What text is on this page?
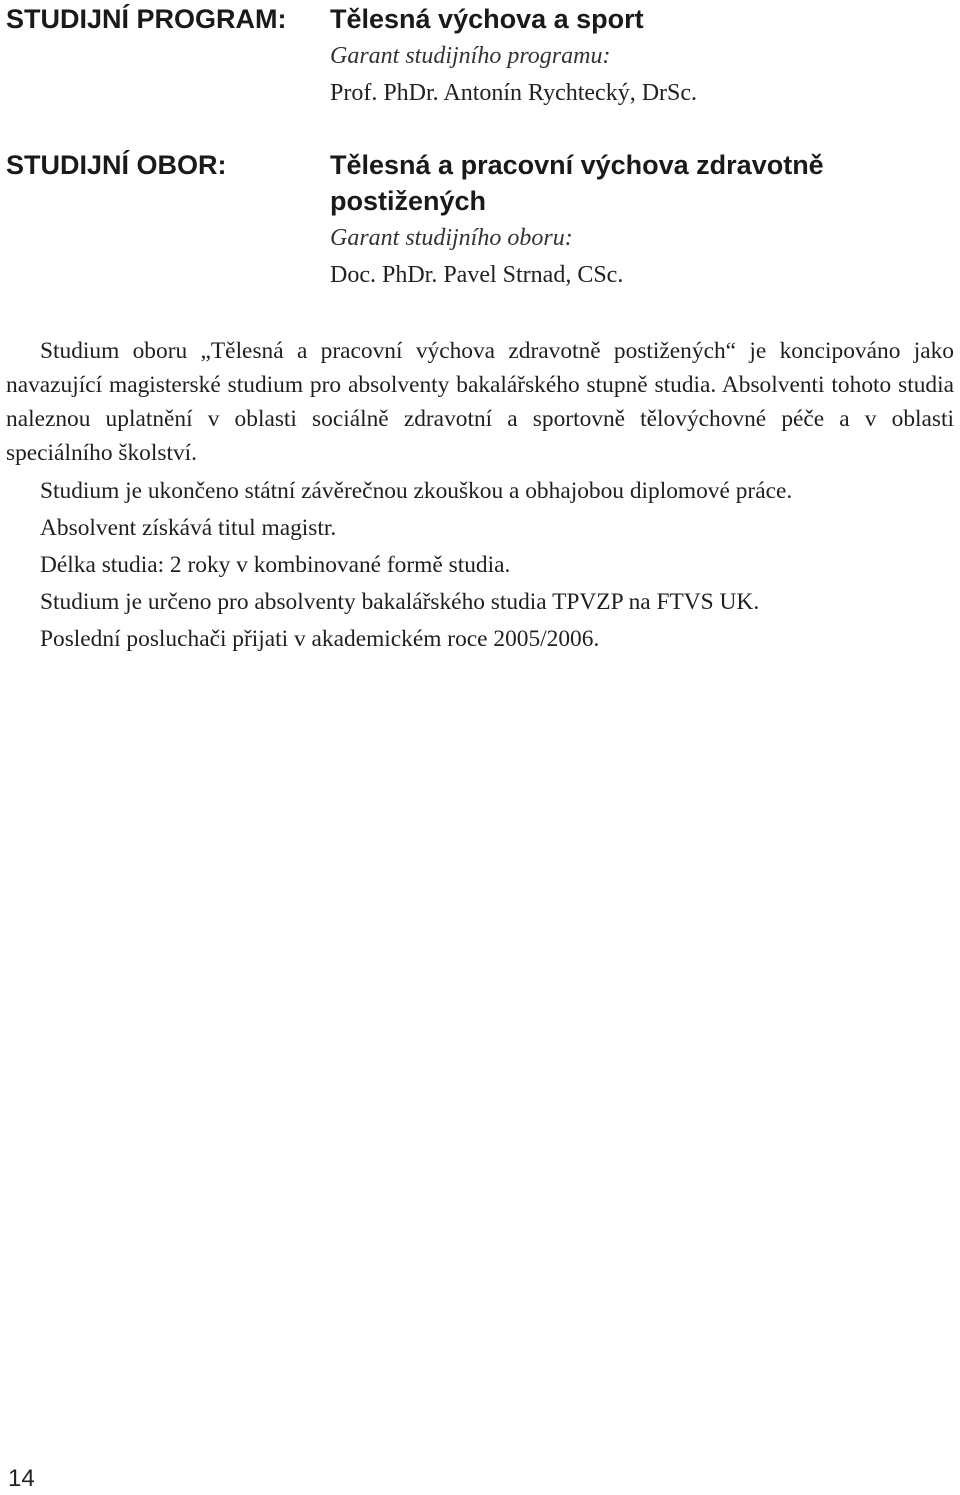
STUDIJNÍ PROGRAM: Tělesná výchova a sport
Garant studijního programu:
Prof. PhDr. Antonín Rychtecký, DrSc.
STUDIJNÍ OBOR:	Tělesná a pracovní výchova zdravotně postižených
Garant studijního oboru:
Doc. PhDr. Pavel Strnad, CSc.

Studium oboru „Tělesná a pracovní výchova zdravotně postižených“ je koncipováno jako navazující magisterské studium pro absolventy bakalářského stupně studia. Absolventi tohoto studia naleznou uplatnění v oblasti sociálně zdravotní a sportovně tělovýchovné péče a v oblasti speciálního školství.

Studium je ukončeno státní závěrečnou zkouškou a obhajobou diplomové práce.
Absolvent získává titul magistr.
Délka studia: 2 roky v kombinované formě studia.
Studium je určeno pro absolventy bakalářského studia TPVZP na FTVS UK.
Poslední posluchači přijati v akademickém roce 2005/2006.
14
